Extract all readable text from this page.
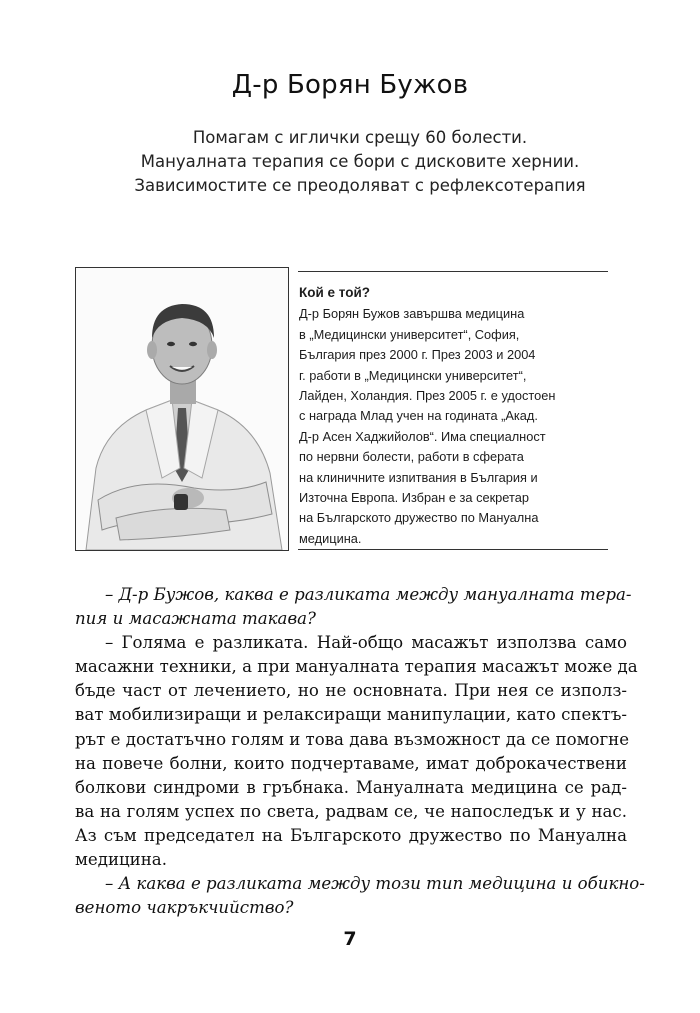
Д-р Борян Бужов
Помагам с иглички срещу 60 болести.
Мануалната терапия се бори с дисковите хернии.
Зависимостите се преодоляват с рефлексотерапия
Кой е той?

Д-р Борян Бужов завършва медицина
в „Медицински университет“, София,
България през 2000 г. През 2003 и 2004
г. работи в „Медицински университет“,
Лайден, Холандия. През 2005 г. е удостоен
с награда Млад учен на годината „Акад.
Д-р Асен Хаджийолов“. Има специалност
по нервни болести, работи в сферата
на клиничните изпитвания в България и
Източна Европа. Избран е за секретар
на Българското дружество по Мануална
медицина.

– Д-р Бужов, каква е разликата между мануалната тера-
пия и масажната такава?
– Голяма е разликата. Най-общо масажът използва само
масажни техники, а при мануалната терапия масажът може да
бъде част от лечението, но не основната. При нея се използ-
ват мобилизиращи и релаксиращи манипулации, като спектъ-
рът е достатъчно голям и това дава възможност да се помогне
на повече болни, които подчертаваме, имат доброкачествени
болкови синдроми в гръбнака. Мануалната медицина се рад-
ва на голям успех по света, радвам се, че напоследък и у нас.
Аз съм председател на Българското дружество по Мануална
медицина.
– А каква е разликата между този тип медицина и обикно-
веното чакръкчийство?
7
